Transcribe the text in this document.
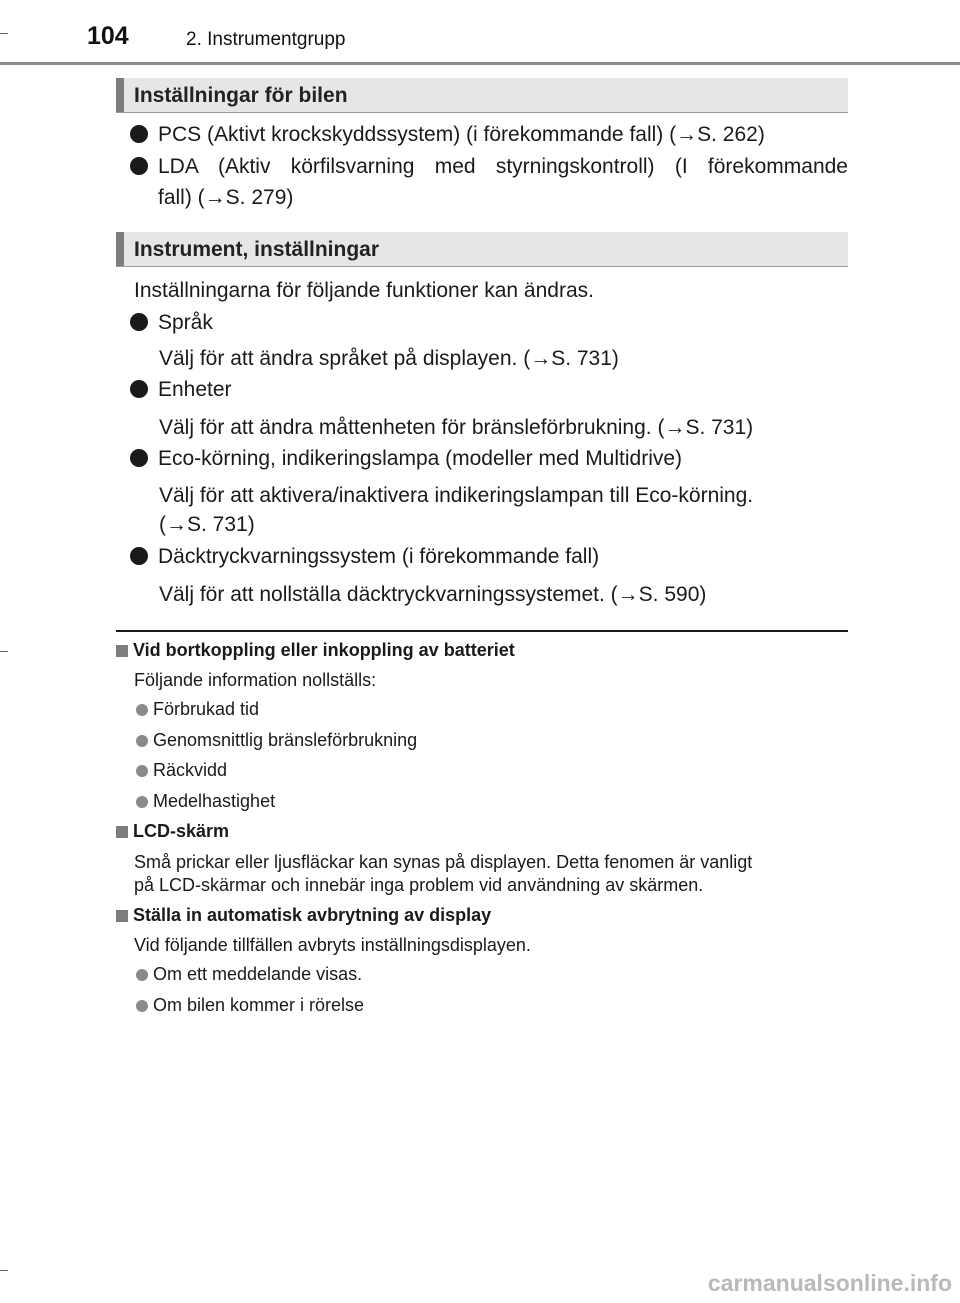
104	2. Instrumentgrupp
Inställningar för bilen
PCS (Aktivt krockskyddssystem) (i förekommande fall) (→S. 262)
LDA (Aktiv körfilsvarning med styrningskontroll) (I förekommande
fall) (→S. 279)
Instrument, inställningar
Inställningarna för följande funktioner kan ändras.
Språk
Välj för att ändra språket på displayen. (→S. 731)
Enheter
Välj för att ändra måttenheten för bränsleförbrukning. (→S. 731)
Eco-körning, indikeringslampa (modeller med Multidrive)
Välj för att aktivera/inaktivera indikeringslampan till Eco-körning.
(→S. 731)
Däcktryckvarningssystem (i förekommande fall)
Välj för att nollställa däcktryckvarningssystemet. (→S. 590)
Vid bortkoppling eller inkoppling av batteriet
Följande information nollställs:
Förbrukad tid
Genomsnittlig bränsleförbrukning
Räckvidd
Medelhastighet
LCD-skärm
Små prickar eller ljusfläckar kan synas på displayen. Detta fenomen är vanligt
på LCD-skärmar och innebär inga problem vid användning av skärmen.
Ställa in automatisk avbrytning av display
Vid följande tillfällen avbryts inställningsdisplayen.
Om ett meddelande visas.
Om bilen kommer i rörelse
carmanualsonline.info
